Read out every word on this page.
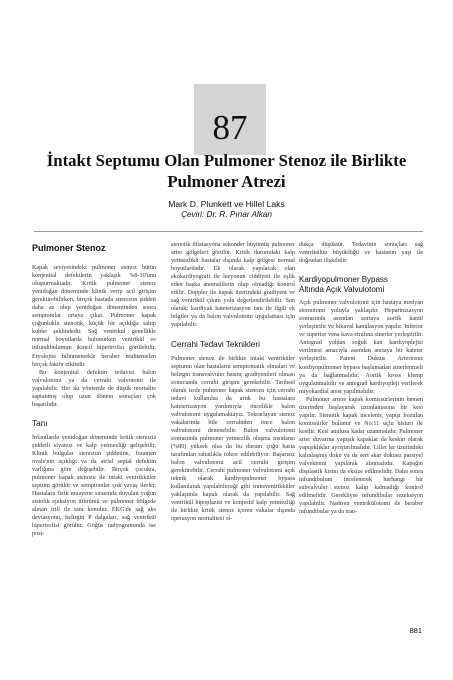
87
İntakt Septumu Olan Pulmoner Stenoz ile Birlikte
Pulmoner Atrezi
Mark D. Plunkett ve Hillel Laks
Çeviri: Dr. R. Pınar Alkan
Pulmoner Stenoz

Kapak seviyesindeki pulmoner stenoz bütün konjenital defektlerin yaklaşık %8-10'unu oluşturmaktadır. Kritik pulmoner stenoz yenidoğan döneminde klinik verip acil girişim gerektirebilirken, birçok hastada stenozun şiddeti daha az olup yenidoğan döneminden sonra semptomlar ortaya çıkar. Pulmoner kapak çoğunlukla stenotik, küçük bir açıklığa sahip kubbe şeklindedir. Sağ ventrikül genellikle normal boyutlarda bulunurken ventrikül ve infundibulumun ikincil hipertrofisi görülebilir. Etyolojisi bilinmemekle beraber muhtemelen birçok faktör etkindir.

Bu konjenital defektin tedavisi balon valvulotomi ya da cerrahi valvotomi ile yapılabilir. Her iki yöntemle de düşük mortalite saptanmış olup uzun dönem sonuçları çok başarılıdır.

Tanı

İnfantlarda yenidoğan döneminde kritik stenozis şiddetli siyanoz ve kalp yetmezliği gelişebilir. Klinik bulgular stenozun şiddetine, foramen ovale'nin açıklığı ya da atrial septal defektin varlığına göre değişebilir. Birçok çocukta, pulmoner kapak stenozu ile intakt ventrikküler septum görülür ve semptomlar çok yavaş ilerler. Hastalara fizik muayene sırasında duyulan yoğun sistolik ejeksiyon üfürümü ve pulmoner bölgede alınan trill ile tanı konulur. EKG'de sağ aks deviasyonu, belirgin P dalgaları, sağ ventrikül hipertrofisi görülür. Göğüs radyogramında ise post-

stenotik dilatasyona sekonder büyümüş pulmoner arter gölgeleri görülür. Kritik durumdaki kalp yetmezlikli hastalar dışında kalp gölgesi normal boyutlardadır. Ek olarak yapılacak olan ekokardiyografi ile lezyonun ciddiyeti ile eşlik eden başka anomalilerin olup olmadığı kontrol edilir. Doppler ile kapak üzerindeki gradiyent ve sağ ventrikül çıkım yolu değerlendirilebilir. Son olarak; kardiyak kateterizasyon tanı ile ilgili ek bilgiler ya da balon valvulotomi uygulaması için yapılabilir.

Cerrahi Tedavi Teknikleri

Pulmoner stenoz ile birlikte intakt ventriküler septumu olan hastaların semptomatik olmaları ve belirgin transvalvuler basınç gradiyentleri olması sonucunda cerrahi girişim gerekebilir. Tarihsel olarak izole pulmoner kapak stenozu için cerrahi tedavi kullanılsa da artık bu hastalara kateterizasyon yardımıyla öncelikle balon valvulotomi uygulamaktayız. Tekrarlayan stenoz vakalarında bile cerrahiden önce balon valvulotomi denenebilir. Balon valvulotomi sonrasında pulmoner yetmezlik oluşma insidansı (%80) yüksek olsa da bu durum çoğu hasta tarafından rahatlıkla tolere edilebiliyor. Başarısız balon valvulotomi acil cerrahi girişim gerektirebilir. Cerrahi pulmoner valvulotomi açık teknik olarak kardiyopulmoner bypass kullanılarak yapılabileceği gibi transventrikküler yaklaşımla kapalı olarak da yapılabilir. Sağ ventrikül hipoplazisi ve konjestif kalp yetmezliği ile birlikte kritik stenoz içeren vakalar dışında operasyon mortalitesi ol-

dukça düşüktür. Tedavinin sonuçları sağ ventrikülün büyüklüğü ve hastanın yaşı ile doğrudan ilişkilidir.

Kardiyopulmoner Bypass
Altında Açık Valvulotomi

Açık pulmoner valvulotomi için hastaya medyan sternotomi yoluyla yaklaşılır. Heparinizasyon sonrasında asendan aortaya aortik kanül yerleştirilir ve bikaval kanülasyon yapılır. Inferior ve superior vena kava etrafına sinerler yerleştirilir. Antegrad yoldan soğuk kan kardiyoplejisi verilmesi amacıyla asendan aortaya bir kateter yerleştirilir. Patent Duktus Arteriosus kordiyopulmoner bypass başlamadan sinerlenmeli ya da bağlanmalıdır. Aortik kross klemp uygulanmalıdır ve antegrad kardiyopleji verilerek miyokardial arest yapılmalıdır.

Pulmoner artere kapak komissürlerinin hemen üzerinden başlayarak uzunlamasına bir kesi yapılır. Stenotik kapak incelenir, yapışı bozulan komissürler bulunur ve No:11 uçlu bisturi ile kesilir. Kesi anulusa kadar uzanmalıdır. Pulmoner arter duvarına yapışık kapaklar da keskin olarak yapışıklıklar ayrıştırılmalıdır. Liflet ler üzerindeki kalınlaşmış doku ya da sert skar dokusu parsiyel valvektomi yapılarak alınmalıdır. Kapağın displastik kısmı da eksize edilmelidir. Daha sonra infundibulum incelenerek herhangi bir subvalvuler stenoz kalıp kalmadığı kontrol edilmelidir. Gerekliyse infundibular rezeksiyon yapılabilir. Nadiren ventrikülotomi ile beraber infundibular ya da tran-

881
